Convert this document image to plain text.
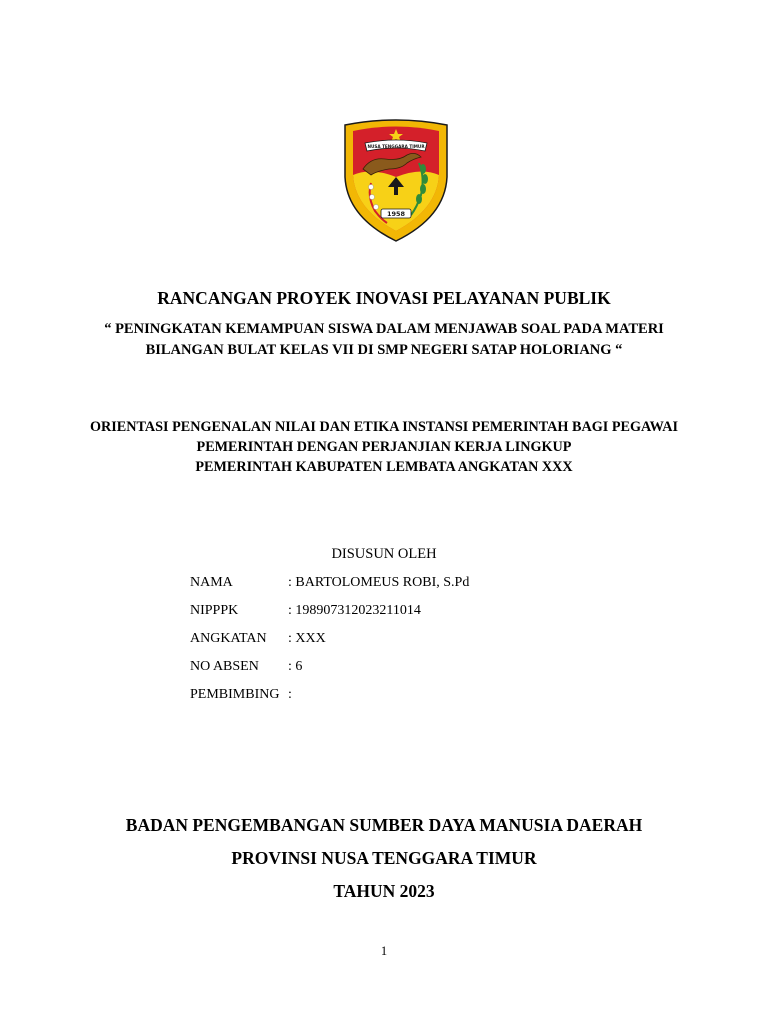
NUSA TENGGARA TIMUR
1958
RANCANGAN PROYEK INOVASI PELAYANAN PUBLIK
“ PENINGKATAN KEMAMPUAN SISWA DALAM MENJAWAB SOAL PADA MATERI
BILANGAN BULAT KELAS VII DI SMP NEGERI SATAP HOLORIANG “
ORIENTASI PENGENALAN NILAI DAN ETIKA INSTANSI PEMERINTAH BAGI PEGAWAI
PEMERINTAH DENGAN PERJANJIAN KERJA LINGKUP
PEMERINTAH KABUPATEN LEMBATA ANGKATAN XXX
DISUSUN OLEH
NAMA	: BARTOLOMEUS ROBI, S.Pd
NIPPPK	: 198907312023211014
ANGKATAN : XXX
NO ABSEN : 6
PEMBIMBING :
BADAN PENGEMBANGAN SUMBER DAYA MANUSIA DAERAH
PROVINSI NUSA TENGGARA TIMUR
TAHUN 2023
1
